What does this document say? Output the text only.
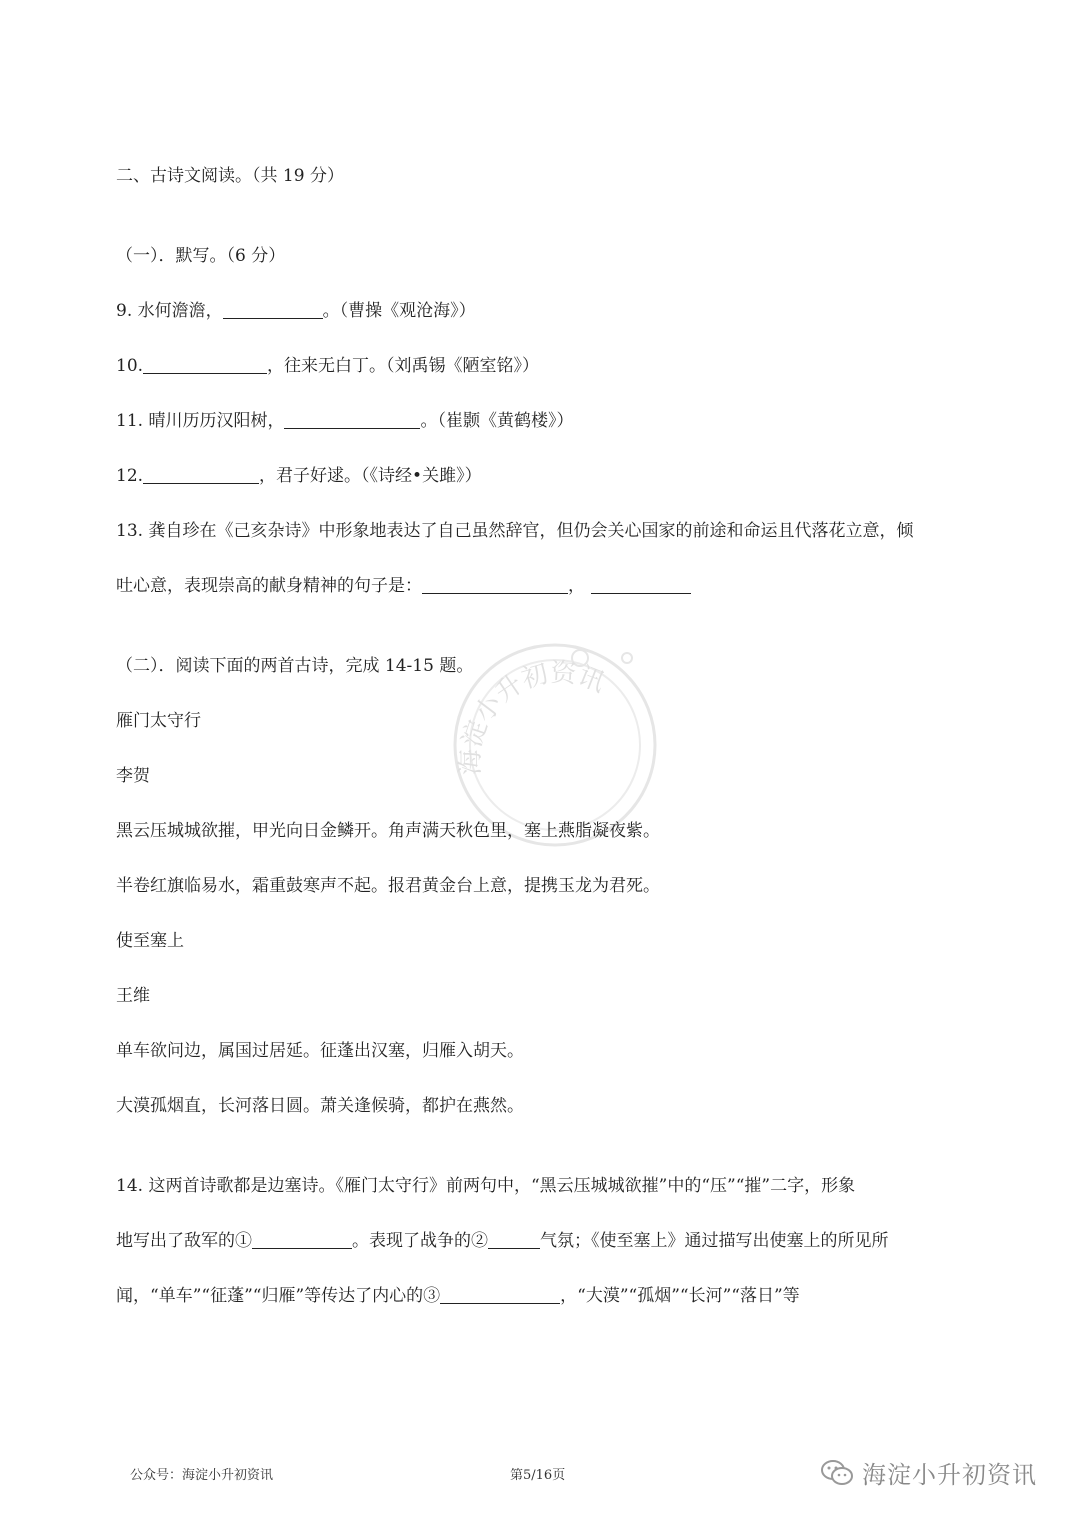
海淀小升初资讯
二、古诗文阅读。（共 19 分）
（一）．默写。（6 分）
9. 水何澹澹，	。（曹操《观沧海》）
10.	，往来无白丁。（刘禹锡《陋室铭》）
11. 晴川历历汉阳树，	。（崔颢《黄鹤楼》）
12.	，君子好逑。（《诗经•关雎》）
13. 龚自珍在《己亥杂诗》中形象地表达了自己虽然辞官，但仍会关心国家的前途和命运且代落花立意，倾
吐心意，表现崇高的献身精神的句子是：	，
（二）．阅读下面的两首古诗，完成 14-15 题。
雁门太守行
李贺
黑云压城城欲摧，甲光向日金鳞开。角声满天秋色里，塞上燕脂凝夜紫。
半卷红旗临易水，霜重鼓寒声不起。报君黄金台上意，提携玉龙为君死。
使至塞上
王维
单车欲问边，属国过居延。征蓬出汉塞，归雁入胡天。
大漠孤烟直，长河落日圆。萧关逢候骑，都护在燕然。
14. 这两首诗歌都是边塞诗。《雁门太守行》前两句中，“黑云压城城欲摧”中的“压”“摧”二字，形象
地写出了敌军的①	。表现了战争的②	气氛；《使至塞上》通过描写出使塞上的所见所
闻，“单车”“征蓬”“归雁”等传达了内心的③	，“大漠”“孤烟”“长河”“落日”等
公众号：海淀小升初资讯	第5/16页	海淀小升初资讯
